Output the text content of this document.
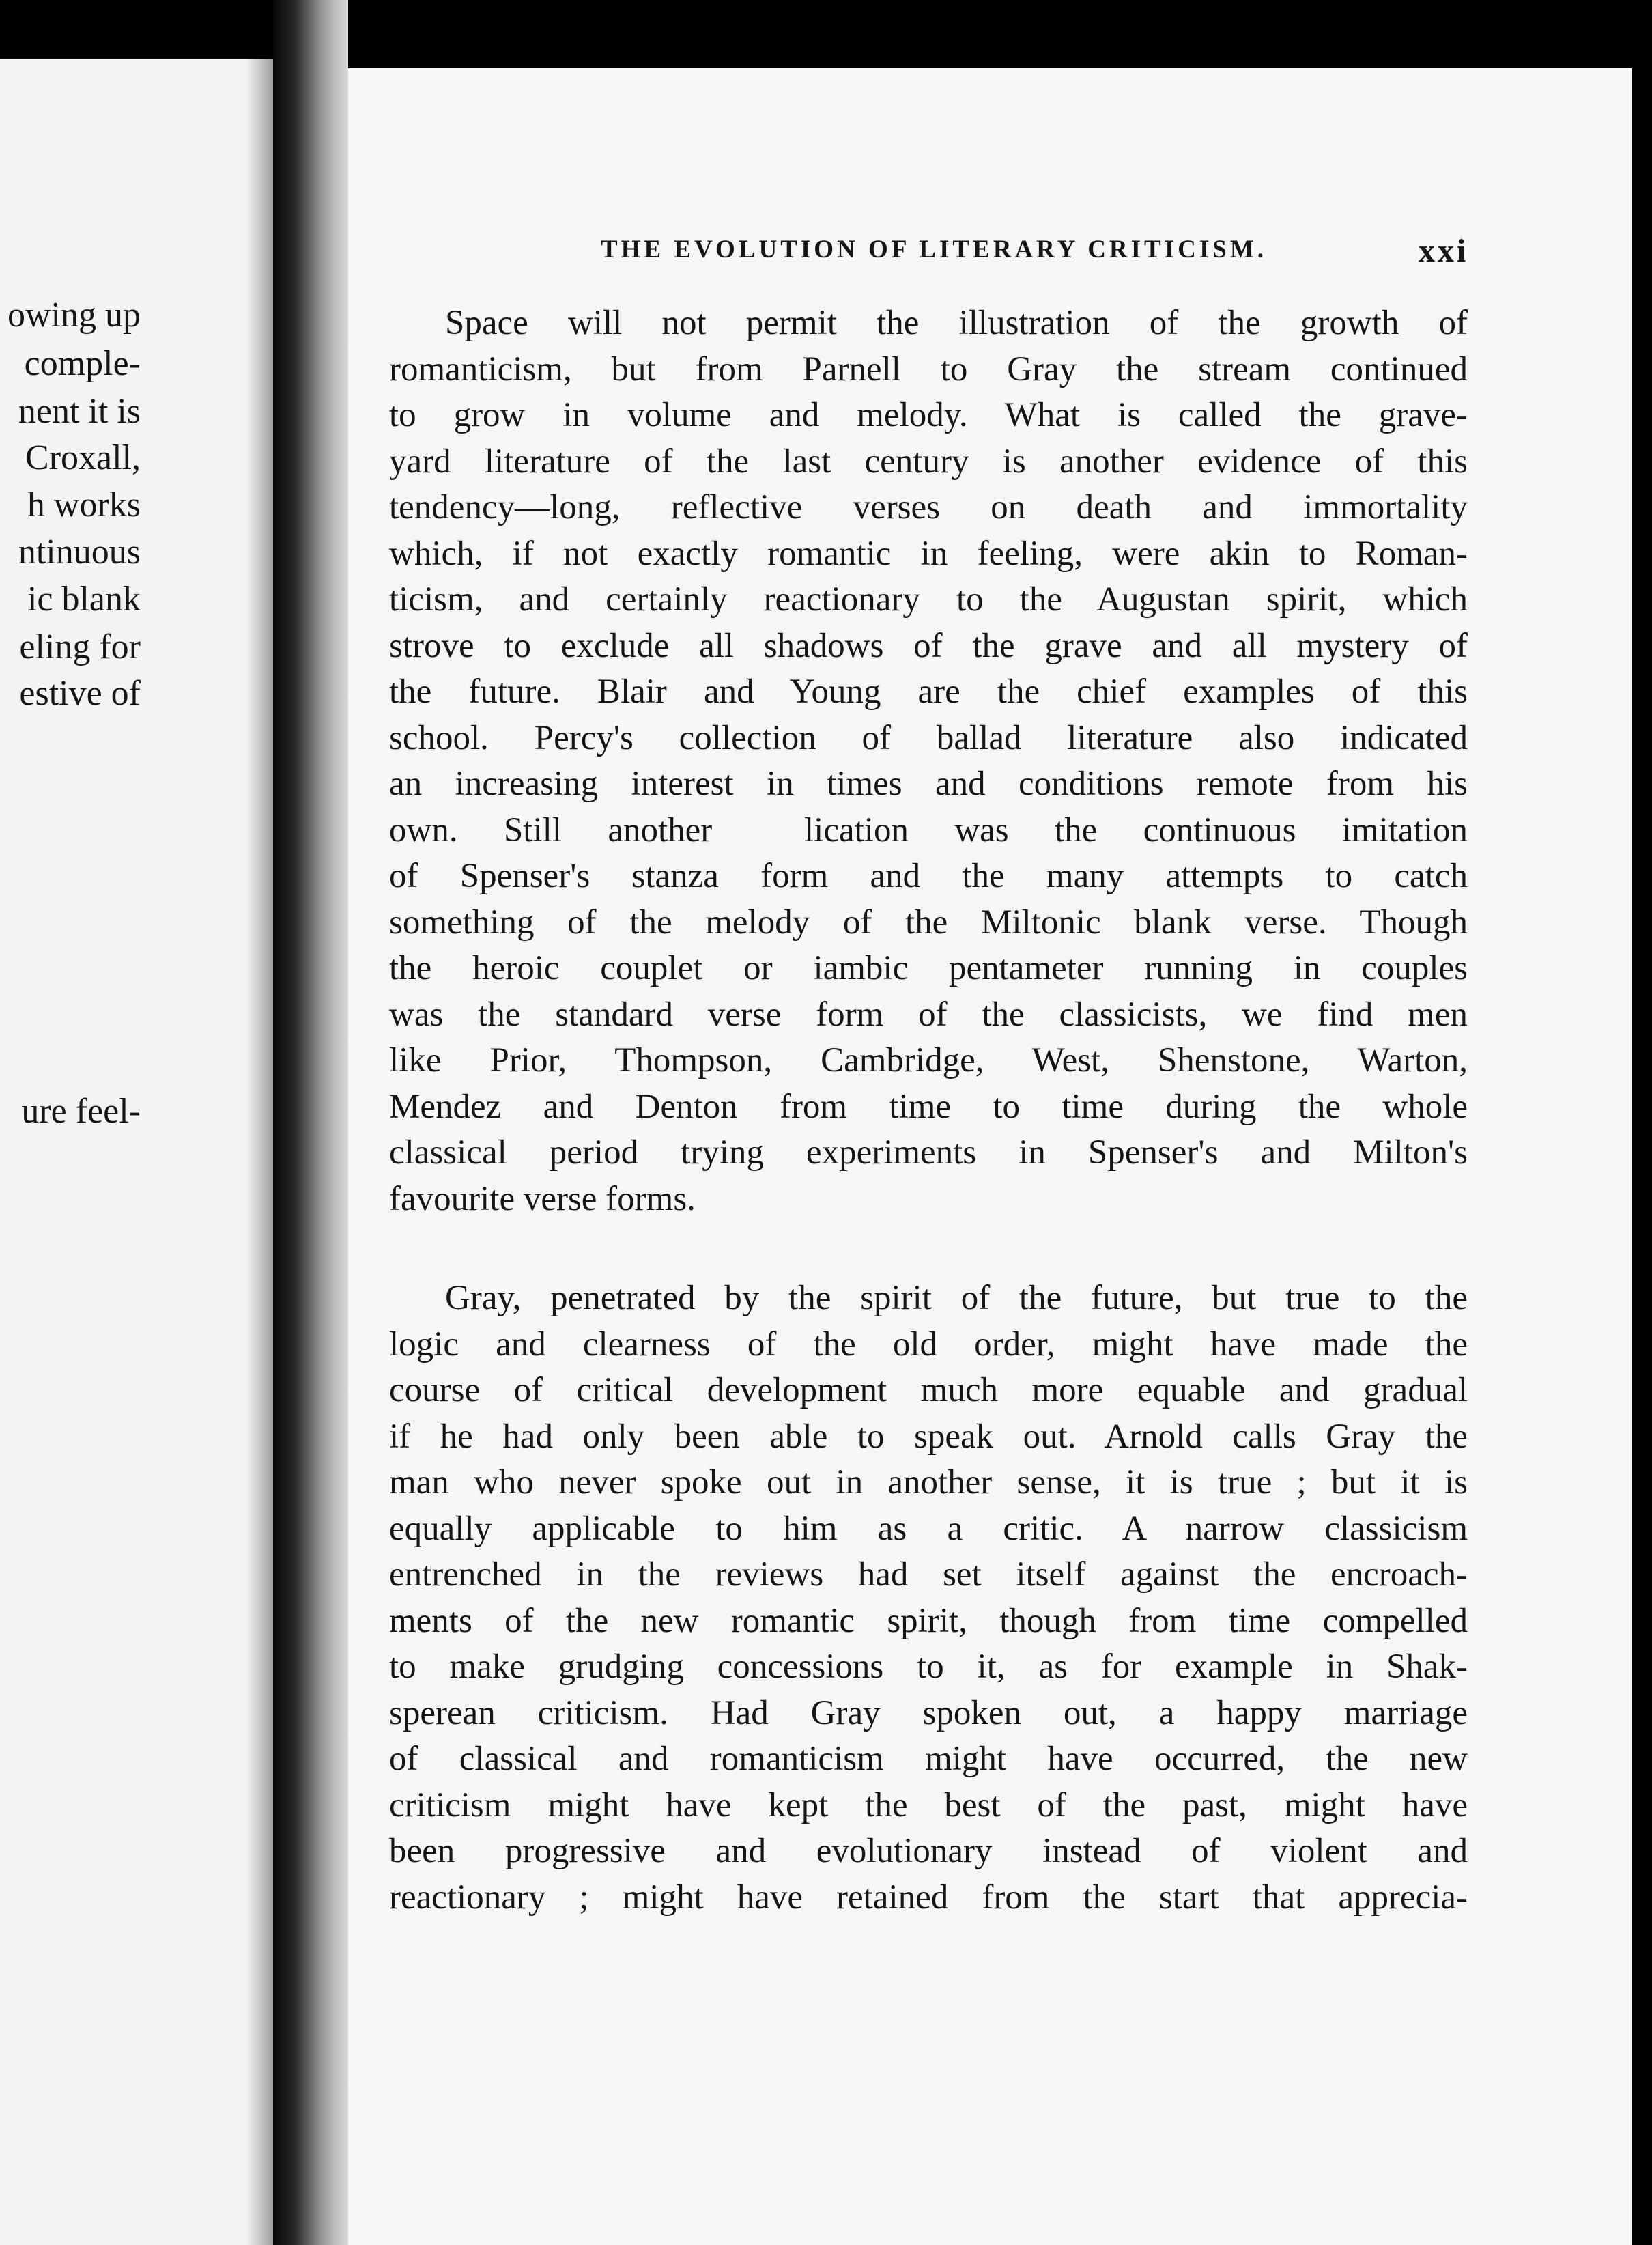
owing up
comple-
nent it is
Croxall,
h works
ntinuous
ic blank
eling for
estive of
ure feel-
THE EVOLUTION OF LITERARY CRITICISM.	xxi
Space will not permit the illustration of the growth of
romanticism, but from Parnell to Gray the stream continued
to grow in volume and melody. What is called the grave-
yard literature of the last century is another evidence of this
tendency—long, reflective verses on death and immortality
which, if not exactly romantic in feeling, were akin to Roman-
ticism, and certainly reactionary to the Augustan spirit, which
strove to exclude all shadows of the grave and all mystery of
the future. Blair and Young are the chief examples of this
school. Percy's collection of ballad literature also indicated
an increasing interest in times and conditions remote from his
own. Still another ⁠ lication was the continuous imitation
of Spenser's stanza form and the many attempts to catch
something of the melody of the Miltonic blank verse. Though
the heroic couplet or iambic pentameter running in couples
was the standard verse form of the classicists, we find men
like Prior, Thompson, Cambridge, West, Shenstone, Warton,
Mendez and Denton from time to time during the whole
classical period trying experiments in Spenser's and Milton's
favourite verse forms.
Gray, penetrated by the spirit of the future, but true to the
logic and clearness of the old order, might have made the
course of critical development much more equable and gradual
if he had only been able to speak out. Arnold calls Gray the
man who never spoke out in another sense, it is true ; but it is
equally applicable to him as a critic. A narrow classicism
entrenched in the reviews had set itself against the encroach-
ments of the new romantic spirit, though from time compelled
to make grudging concessions to it, as for example in Shak-
sperean criticism. Had Gray spoken out, a happy marriage
of classical and romanticism might have occurred, the new
criticism might have kept the best of the past, might have
been progressive and evolutionary instead of violent and
reactionary ; might have retained from the start that apprecia-
